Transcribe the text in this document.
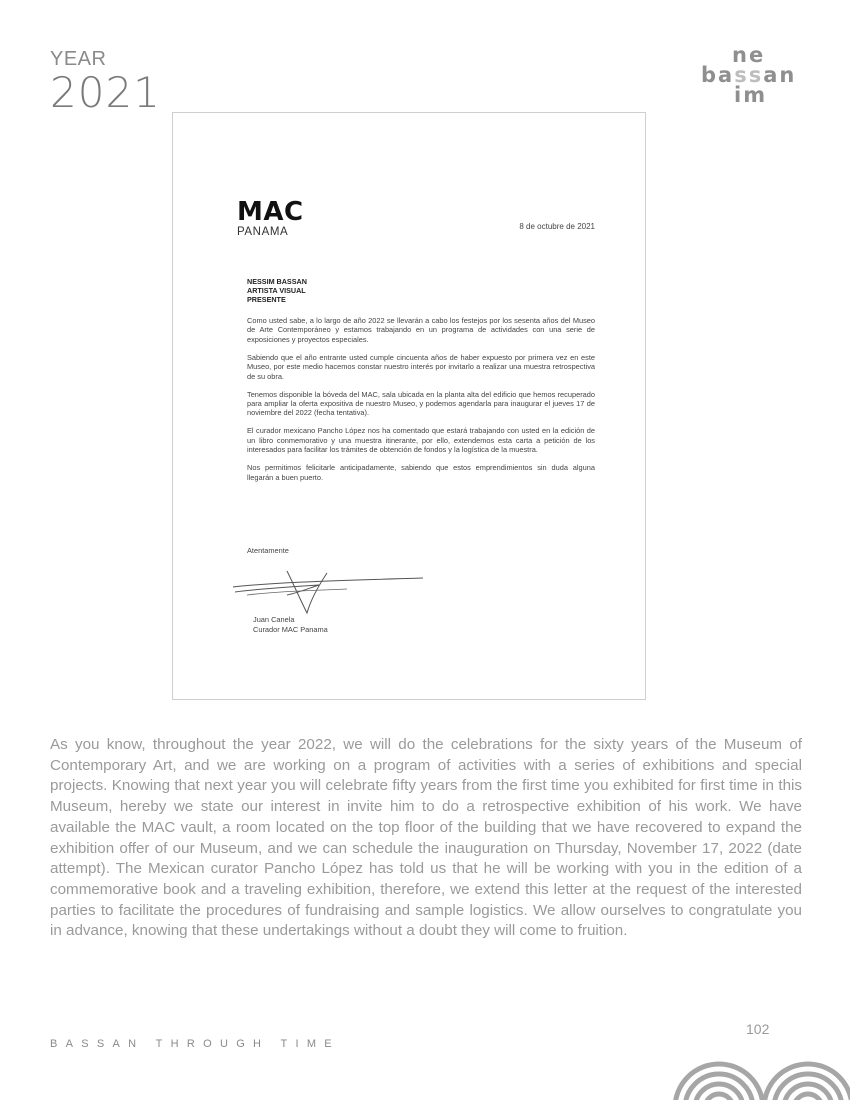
YEAR
2021
ne
bassan
im
MAC
PANAMA	8 de octubre de 2021
NESSIM BASSAN
ARTISTA VISUAL
PRESENTE

Como usted sabe, a lo largo de año 2022 se llevarán a cabo los festejos por los sesenta años del Museo de Arte Contemporáneo y estamos trabajando en un programa de actividades con una serie de exposiciones y proyectos especiales.

Sabiendo que el año entrante usted cumple cincuenta años de haber expuesto por primera vez en este Museo, por este medio hacemos constar nuestro interés por invitarlo a realizar una muestra retrospectiva de su obra.

Tenemos disponible la bóveda del MAC, sala ubicada en la planta alta del edificio que hemos recuperado para ampliar la oferta expositiva de nuestro Museo, y podemos agendarla para inaugurar el jueves 17 de noviembre del 2022 (fecha tentativa).

El curador mexicano Pancho López nos ha comentado que estará trabajando con usted en la edición de un libro conmemorativo y una muestra itinerante, por ello, extendemos esta carta a petición de los interesados para facilitar los trámites de obtención de fondos y la logística de la muestra.

Nos permitimos felicitarle anticipadamente, sabiendo que estos emprendimientos sin duda alguna llegarán a buen puerto.

Atentamente
Juan Canela
Curador MAC Panama
As you know, throughout the year 2022, we will do the celebrations for the sixty years of the Museum of Contemporary Art, and we are working on a program of activities with a series of exhibitions and special projects. Knowing that next year you will celebrate fifty years from the first time you exhibited for first time in this Museum, hereby we state our interest in invite him to do a retrospective exhibition of his work. We have available the MAC vault, a room located on the top floor of the building that we have recovered to expand the exhibition offer of our Museum, and we can schedule the inauguration on Thursday, November 17, 2022 (date attempt). The Mexican curator Pancho López has told us that he will be working with you in the edition of a commemorative book and a traveling exhibition, therefore, we extend this letter at the request of the interested parties to facilitate the procedures of fundraising and sample logistics. We allow ourselves to congratulate you in advance, knowing that these undertakings without a doubt they will come to fruition.
102
BASSAN THROUGH TIME
